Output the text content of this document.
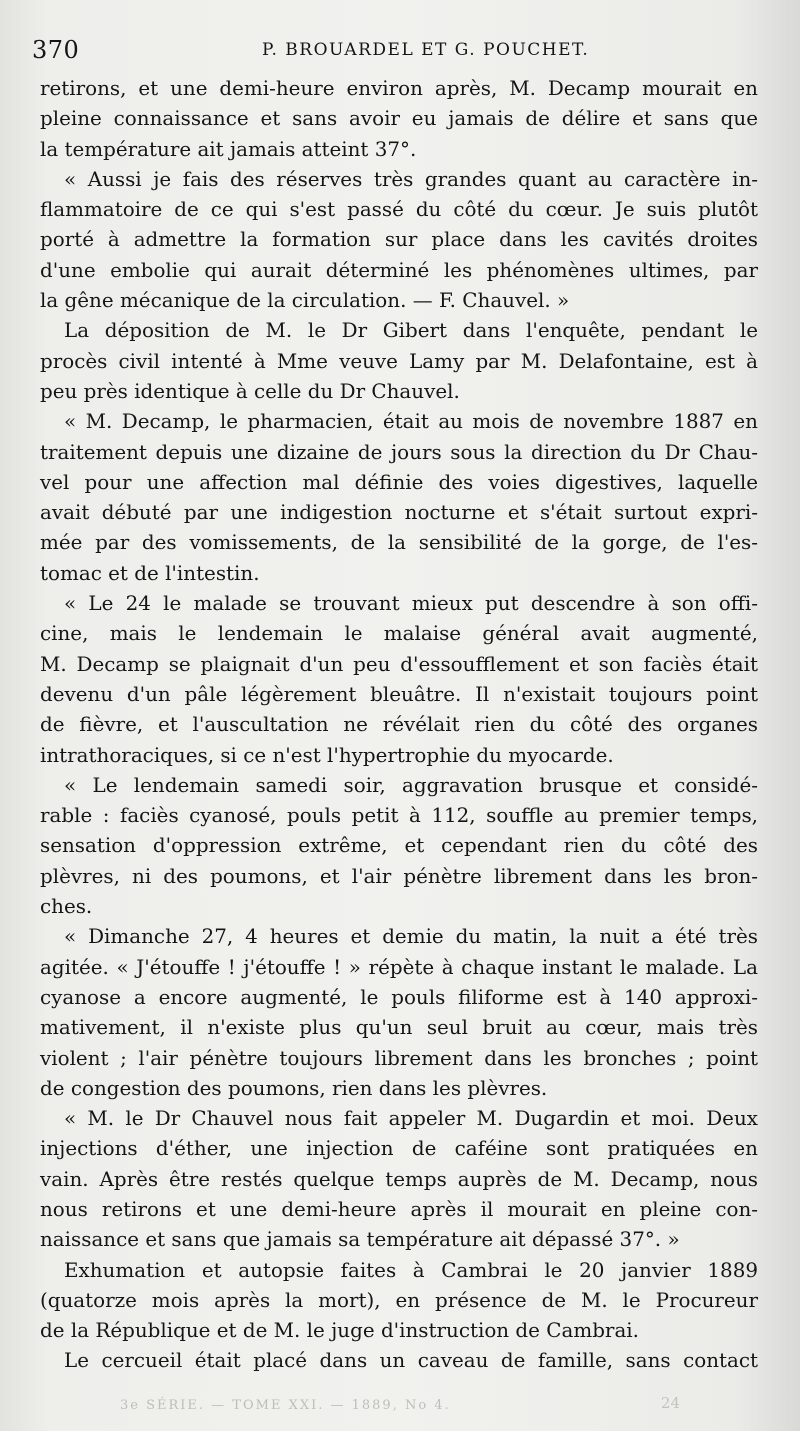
370	P. BROUARDEL ET G. POUCHET.
retirons, et une demi-heure environ après, M. Decamp mourait en
pleine connaissance et sans avoir eu jamais de délire et sans que
la température ait jamais atteint 37°.
« Aussi je fais des réserves très grandes quant au caractère in-
flammatoire de ce qui s'est passé du côté du cœur. Je suis plutôt
porté à admettre la formation sur place dans les cavités droites
d'une embolie qui aurait déterminé les phénomènes ultimes, par
la gêne mécanique de la circulation. — F. Chauvel. »
La déposition de M. le Dr Gibert dans l'enquête, pendant le
procès civil intenté à Mme veuve Lamy par M. Delafontaine, est à
peu près identique à celle du Dr Chauvel.
« M. Decamp, le pharmacien, était au mois de novembre 1887 en
traitement depuis une dizaine de jours sous la direction du Dr Chau-
vel pour une affection mal définie des voies digestives, laquelle
avait débuté par une indigestion nocturne et s'était surtout expri-
mée par des vomissements, de la sensibilité de la gorge, de l'es-
tomac et de l'intestin.
« Le 24 le malade se trouvant mieux put descendre à son offi-
cine, mais le lendemain le malaise général avait augmenté,
M. Decamp se plaignait d'un peu d'essoufflement et son faciès était
devenu d'un pâle légèrement bleuâtre. Il n'existait toujours point
de fièvre, et l'auscultation ne révélait rien du côté des organes
intrathoraciques, si ce n'est l'hypertrophie du myocarde.
« Le lendemain samedi soir, aggravation brusque et considé-
rable : faciès cyanosé, pouls petit à 112, souffle au premier temps,
sensation d'oppression extrême, et cependant rien du côté des
plèvres, ni des poumons, et l'air pénètre librement dans les bron-
ches.
« Dimanche 27, 4 heures et demie du matin, la nuit a été très
agitée. « J'étouffe ! j'étouffe ! » répète à chaque instant le malade. La
cyanose a encore augmenté, le pouls filiforme est à 140 approxi-
mativement, il n'existe plus qu'un seul bruit au cœur, mais très
violent ; l'air pénètre toujours librement dans les bronches ; point
de congestion des poumons, rien dans les plèvres.
« M. le Dr Chauvel nous fait appeler M. Dugardin et moi. Deux
injections d'éther, une injection de caféine sont pratiquées en
vain. Après être restés quelque temps auprès de M. Decamp, nous
nous retirons et une demi-heure après il mourait en pleine con-
naissance et sans que jamais sa température ait dépassé 37°. »
Exhumation et autopsie faites à Cambrai le 20 janvier 1889
(quatorze mois après la mort), en présence de M. le Procureur
de la République et de M. le juge d'instruction de Cambrai.
Le cercueil était placé dans un caveau de famille, sans contact
3e SÉRIE. — TOME XXI. — 1889, No 4.	24
